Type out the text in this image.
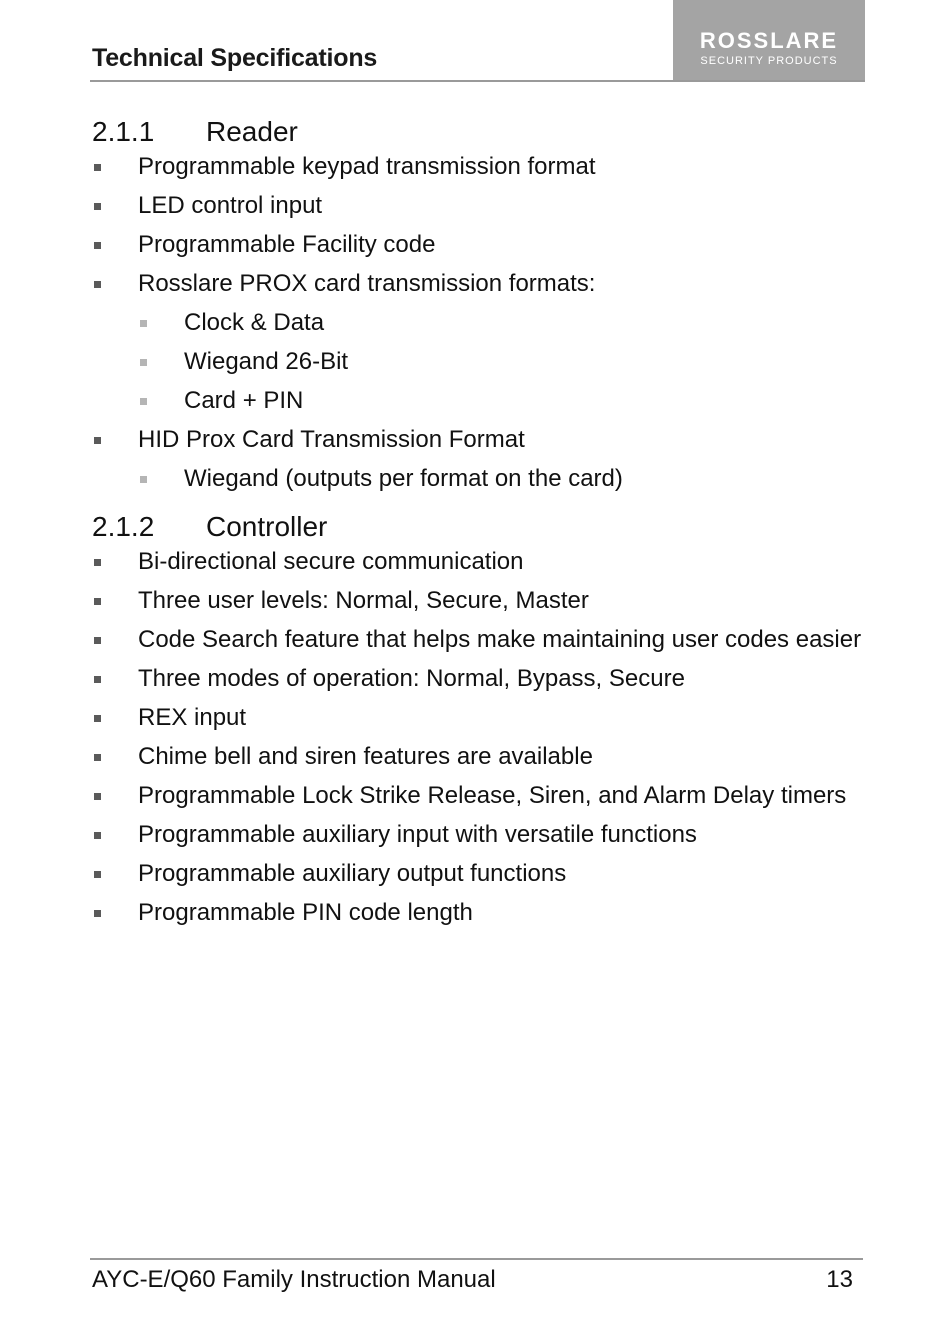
Technical Specifications
ROSSLARE
SECURITY PRODUCTS
2.1.1 Reader
Programmable keypad transmission format
LED control input
Programmable Facility code
Rosslare PROX card transmission formats:
Clock & Data
Wiegand 26-Bit
Card + PIN
HID Prox Card Transmission Format
Wiegand (outputs per format on the card)
2.1.2 Controller
Bi-directional secure communication
Three user levels: Normal, Secure, Master
Code Search feature that helps make maintaining user codes easier
Three modes of operation: Normal, Bypass, Secure
REX input
Chime bell and siren features are available
Programmable Lock Strike Release, Siren, and Alarm Delay timers
Programmable auxiliary input with versatile functions
Programmable auxiliary output functions
Programmable PIN code length
AYC-E/Q60 Family Instruction Manual	13
